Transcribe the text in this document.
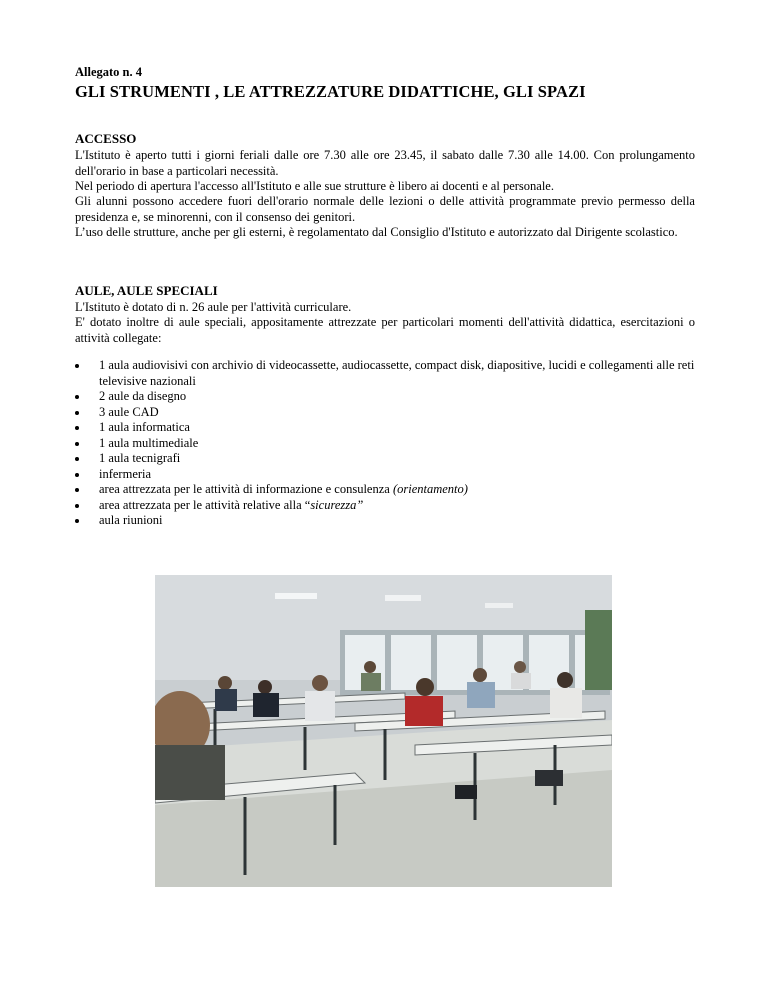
Allegato n. 4
GLI STRUMENTI , LE ATTREZZATURE DIDATTICHE, GLI SPAZI
ACCESSO

L'Istituto è aperto tutti i giorni feriali dalle ore 7.30 alle ore 23.45, il sabato dalle 7.30 alle 14.00. Con prolungamento dell'orario in base a particolari necessità.

Nel periodo di apertura l'accesso all'Istituto e alle sue strutture è libero ai docenti e al personale.

Gli alunni possono accedere fuori dell'orario normale delle lezioni o delle attività programmate previo permesso della presidenza e, se minorenni, con il consenso dei genitori.

L’uso delle strutture, anche per gli esterni, è regolamentato dal Consiglio d'Istituto e autorizzato dal Dirigente scolastico.

AULE, AULE SPECIALI

L'Istituto è dotato di n. 26 aule per l'attività curriculare.

E' dotato inoltre di aule speciali, appositamente attrezzate per particolari momenti dell'attività didattica, esercitazioni o attività collegate:

1 aula audiovisivi con archivio di videocassette, audiocassette, compact disk, diapositive, lucidi e collegamenti alle reti televisive nazionali
2 aule da disegno
3 aule CAD
1 aula informatica
1 aula multimediale
1 aula tecnigrafi
infermeria
area attrezzata per le attività di informazione e consulenza (orientamento)
area attrezzata per le attività relative alla “sicurezza”
aula riunioni
